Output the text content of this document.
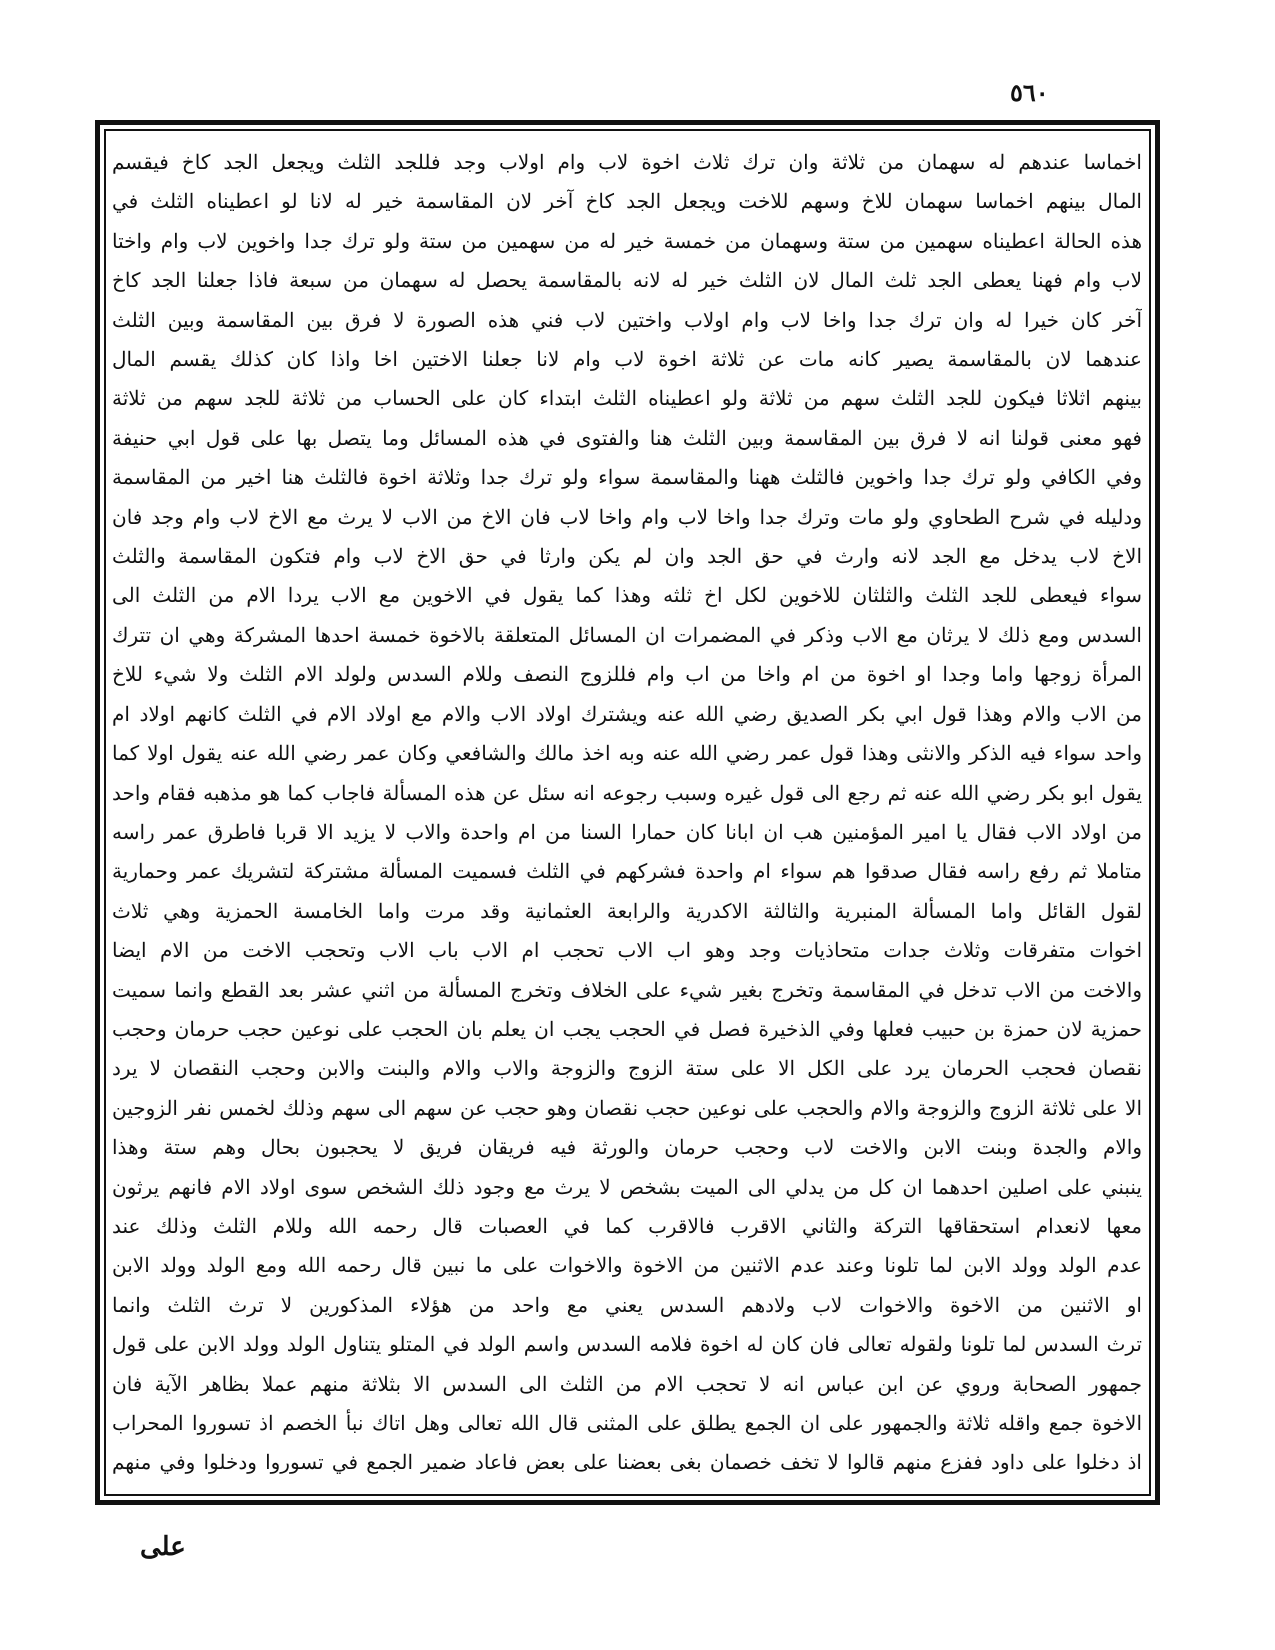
٥٦٠
اخماسا عندهم له سهمان من ثلاثة وان ترك ثلاث اخوة لاب وام اولاب وجد فللجد الثلث ويجعل الجد كاخ فيقسم
المال بينهم اخماسا سهمان للاخ وسهم للاخت ويجعل الجد كاخ آخر لان المقاسمة خير له لانا لو اعطيناه الثلث في
هذه الحالة اعطيناه سهمين من ستة وسهمان من خمسة خير له من سهمين من ستة ولو ترك جدا واخوين لاب وام واختا
لاب وام فهنا يعطى الجد ثلث المال لان الثلث خير له لانه بالمقاسمة يحصل له سهمان من سبعة فاذا جعلنا الجد كاخ
آخر كان خيرا له وان ترك جدا واخا لاب وام اولاب واختين لاب فني هذه الصورة لا فرق بين المقاسمة وبين الثلث
عندهما لان بالمقاسمة يصير كانه مات عن ثلاثة اخوة لاب وام لانا جعلنا الاختين اخا واذا كان كذلك يقسم المال
بينهم اثلاثا فيكون للجد الثلث سهم من ثلاثة ولو اعطيناه الثلث ابتداء كان على الحساب من ثلاثة للجد سهم من ثلاثة
فهو معنى قولنا انه لا فرق بين المقاسمة وبين الثلث هنا والفتوى في هذه المسائل وما يتصل بها على قول ابي حنيفة
وفي الكافي ولو ترك جدا واخوين فالثلث ههنا والمقاسمة سواء ولو ترك جدا وثلاثة اخوة فالثلث هنا اخير من المقاسمة
ودليله في شرح الطحاوي ولو مات وترك جدا واخا لاب وام واخا لاب فان الاخ من الاب لا يرث مع الاخ لاب وام وجد فان
الاخ لاب يدخل مع الجد لانه وارث في حق الجد وان لم يكن وارثا في حق الاخ لاب وام فتكون المقاسمة والثلث
سواء فيعطى للجد الثلث والثلثان للاخوين لكل اخ ثلثه وهذا كما يقول في الاخوين مع الاب يردا الام من الثلث الى
السدس ومع ذلك لا يرثان مع الاب وذكر في المضمرات ان المسائل المتعلقة بالاخوة خمسة احدها المشركة وهي ان تترك
المرأة زوجها واما وجدا او اخوة من ام واخا من اب وام فللزوج النصف وللام السدس ولولد الام الثلث ولا شيء للاخ
من الاب والام وهذا قول ابي بكر الصديق رضي الله عنه ويشترك اولاد الاب والام مع اولاد الام في الثلث كانهم اولاد ام
واحد سواء فيه الذكر والانثى وهذا قول عمر رضي الله عنه وبه اخذ مالك والشافعي وكان عمر رضي الله عنه يقول اولا كما
يقول ابو بكر رضي الله عنه ثم رجع الى قول غيره وسبب رجوعه انه سئل عن هذه المسألة فاجاب كما هو مذهبه فقام واحد
من اولاد الاب فقال يا امير المؤمنين هب ان ابانا كان حمارا السنا من ام واحدة والاب لا يزيد الا قربا فاطرق عمر راسه
متاملا ثم رفع راسه فقال صدقوا هم سواء ام واحدة فشركهم في الثلث فسميت المسألة مشتركة لتشريك عمر وحمارية
لقول القائل واما المسألة المنبرية والثالثة الاكدرية والرابعة العثمانية وقد مرت واما الخامسة الحمزية وهي ثلاث
اخوات متفرقات وثلاث جدات متحاذيات وجد وهو اب الاب تحجب ام الاب باب الاب وتحجب الاخت من الام ايضا
والاخت من الاب تدخل في المقاسمة وتخرج بغير شيء على الخلاف وتخرج المسألة من اثني عشر بعد القطع وانما سميت
حمزية لان حمزة بن حبيب فعلها وفي الذخيرة فصل في الحجب يجب ان يعلم بان الحجب على نوعين حجب حرمان وحجب
نقصان فحجب الحرمان يرد على الكل الا على ستة الزوج والزوجة والاب والام والبنت والابن وحجب النقصان لا يرد
الا على ثلاثة الزوج والزوجة والام والحجب على نوعين حجب نقصان وهو حجب عن سهم الى سهم وذلك لخمس نفر الزوجين
والام والجدة وبنت الابن والاخت لاب وحجب حرمان والورثة فيه فريقان فريق لا يحجبون بحال وهم ستة وهذا
ينبني على اصلين احدهما ان كل من يدلي الى الميت بشخص لا يرث مع وجود ذلك الشخص سوى اولاد الام فانهم يرثون
معها لانعدام استحقاقها التركة والثاني الاقرب فالاقرب كما في العصبات قال رحمه الله وللام الثلث وذلك عند
عدم الولد وولد الابن لما تلونا وعند عدم الاثنين من الاخوة والاخوات على ما نبين قال رحمه الله ومع الولد وولد الابن
او الاثنين من الاخوة والاخوات لاب ولادهم السدس يعني مع واحد من هؤلاء المذكورين لا ترث الثلث وانما
ترث السدس لما تلونا ولقوله تعالى فان كان له اخوة فلامه السدس واسم الولد في المتلو يتناول الولد وولد الابن على قول
جمهور الصحابة وروي عن ابن عباس انه لا تحجب الام من الثلث الى السدس الا بثلاثة منهم عملا بظاهر الآية فان
الاخوة جمع واقله ثلاثة والجمهور على ان الجمع يطلق على المثنى قال الله تعالى وهل اتاك نبأ الخصم اذ تسوروا المحراب
اذ دخلوا على داود ففزع منهم قالوا لا تخف خصمان بغى بعضنا على بعض فاعاد ضمير الجمع في تسوروا ودخلوا وفي منهم
على
